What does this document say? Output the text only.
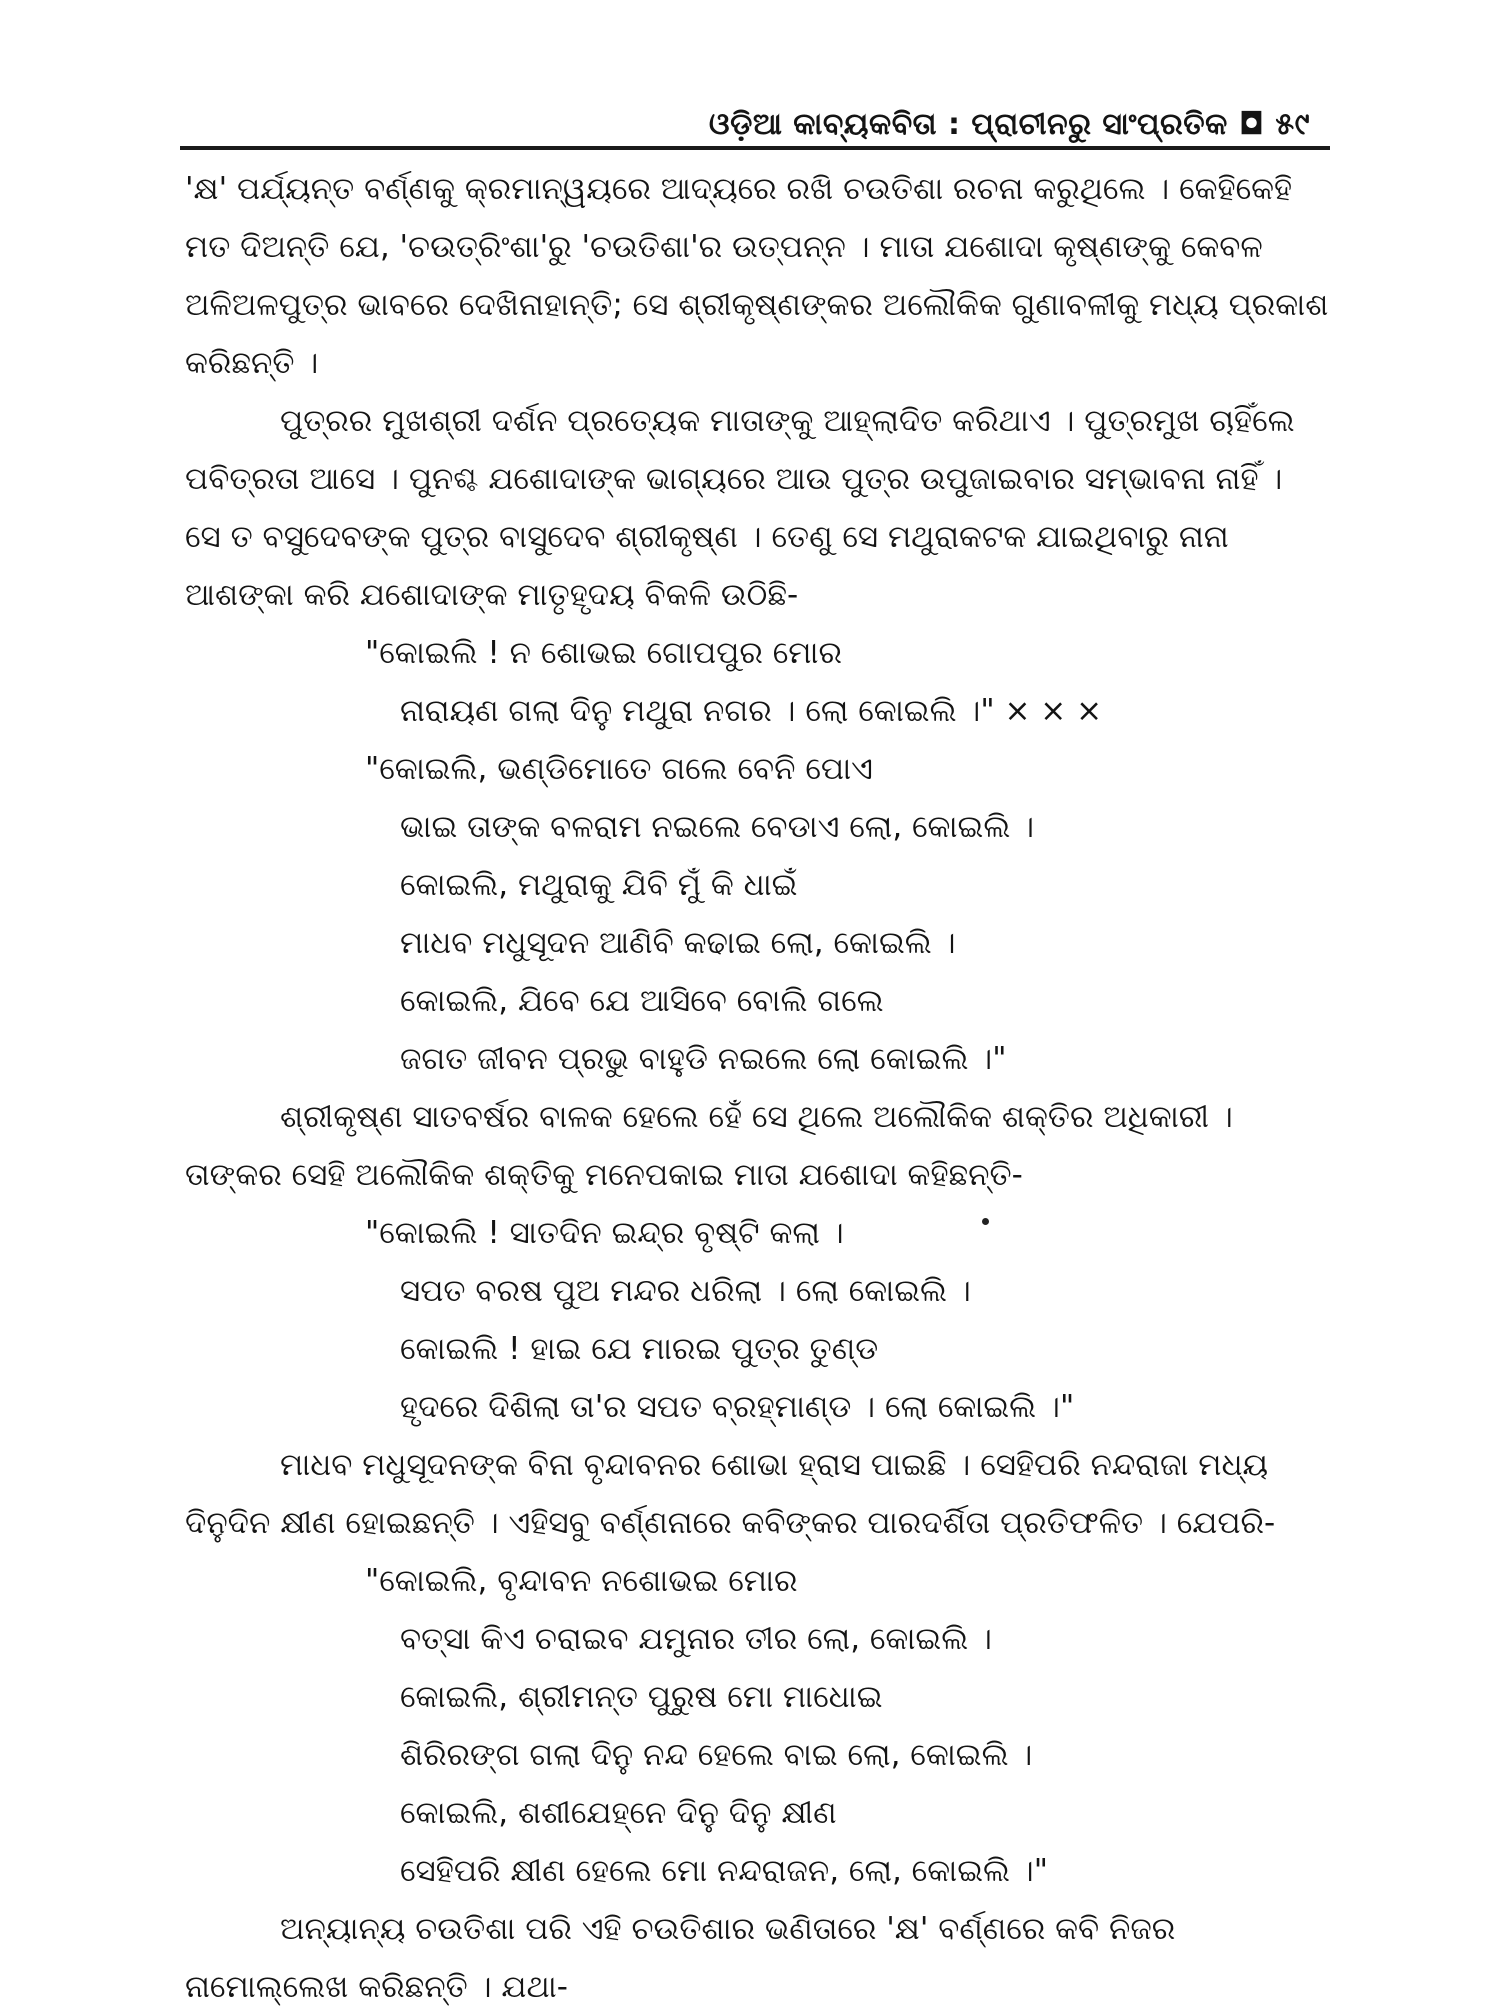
ଓଡ଼ିଆ କାବ୍ୟକବିତା : ପ୍ରାଚୀନରୁ ସାଂପ୍ରତିକ ◘ ୫୯
'କ୍ଷ' ପର୍ଯ୍ୟନ୍ତ ବର୍ଣ୍ଣକୁ କ୍ରମାନ୍ୱୟରେ ଆଦ୍ୟରେ ରଖି ଚଉତିଶା ରଚନା କରୁଥିଲେ । କେହିକେହି
ମତ ଦିଅନ୍ତି ଯେ, 'ଚଉତ୍ରିଂଶା'ରୁ 'ଚଉତିଶା'ର ଉତ୍ପନ୍ନ । ମାତା ଯଶୋଦା କୃଷ୍ଣଙ୍କୁ କେବଳ
ଅଳିଅଳପୁତ୍ର ଭାବରେ ଦେଖିନାହାନ୍ତି; ସେ ଶ୍ରୀକୃଷ୍ଣଙ୍କର ଅଲୌକିକ ଗୁଣାବଳୀକୁ ମଧ୍ୟ ପ୍ରକାଶ
କରିଛନ୍ତି ।
ପୁତ୍ରର ମୁଖଶ୍ରୀ ଦର୍ଶନ ପ୍ରତ୍ୟେକ ମାତାଙ୍କୁ ଆହ୍ଲାଦିତ କରିଥାଏ । ପୁତ୍ରମୁଖ ଚାହିଁଲେ
ପବିତ୍ରତା ଆସେ । ପୁନଶ୍ଚ ଯଶୋଦାଙ୍କ ଭାଗ୍ୟରେ ଆଉ ପୁତ୍ର ଉପୁଜାଇବାର ସମ୍ଭାବନା ନାହିଁ ।
ସେ ତ ବସୁଦେବଙ୍କ ପୁତ୍ର ବାସୁଦେବ ଶ୍ରୀକୃଷ୍ଣ । ତେଣୁ ସେ ମଥୁରାକଟକ ଯାଇଥିବାରୁ ନାନା
ଆଶଙ୍କା କରି ଯଶୋଦାଙ୍କ ମାତୃହୃଦୟ ବିକଳି ଉଠିଛି-
"କୋଇଲି ! ନ ଶୋଭଇ ଗୋପପୁର ମୋର
ନାରାୟଣ ଗଲା ଦିନୁ ମଥୁରା ନଗର । ଲୋ କୋଇଲି ।" × × ×
"କୋଇଲି, ଭଣ୍ଡିମୋତେ ଗଲେ ବେନି ପୋଏ
ଭାଇ ତାଙ୍କ ବଳରାମ ନଇଲେ ବେଡାଏ ଲୋ, କୋଇଲି ।
କୋଇଲି, ମଥୁରାକୁ ଯିବି ମୁଁ କି ଧାଇଁ
ମାଧବ ମଧୁସୂଦନ ଆଣିବି କଢାଇ ଲୋ, କୋଇଲି ।
କୋଇଲି, ଯିବେ ଯେ ଆସିବେ ବୋଲି ଗଲେ
ଜଗତ ଜୀବନ ପ୍ରଭୁ ବାହୁଡି ନଇଲେ ଲୋ କୋଇଲି ।"
ଶ୍ରୀକୃଷ୍ଣ ସାତବର୍ଷର ବାଳକ ହେଲେ ହେଁ ସେ ଥିଲେ ଅଲୌକିକ ଶକ୍ତିର ଅଧିକାରୀ ।
ତାଙ୍କର ସେହି ଅଲୌକିକ ଶକ୍ତିକୁ ମନେପକାଇ ମାତା ଯଶୋଦା କହିଛନ୍ତି-
"କୋଇଲି ! ସାତଦିନ ଇନ୍ଦ୍ର ବୃଷ୍ଟି କଲା ।
ସପତ ବରଷ ପୁଅ ମନ୍ଦର ଧରିଲା । ଲୋ କୋଇଲି ।
କୋଇଲି ! ହାଇ ଯେ ମାରଇ ପୁତ୍ର ତୁଣ୍ଡ
ହୃଦରେ ଦିଶିଲା ତା'ର ସପତ ବ୍ରହ୍ମାଣ୍ଡ । ଲୋ କୋଇଲି ।"
ମାଧବ ମଧୁସୂଦନଙ୍କ ବିନା ବୃନ୍ଦାବନର ଶୋଭା ହ୍ରାସ ପାଇଛି । ସେହିପରି ନନ୍ଦରାଜା ମଧ୍ୟ
ଦିନୁଦିନ କ୍ଷୀଣ ହୋଇଛନ୍ତି । ଏହିସବୁ ବର୍ଣ୍ଣନାରେ କବିଙ୍କର ପାରଦର୍ଶିତା ପ୍ରତିଫଳିତ । ଯେପରି-
"କୋଇଲି, ବୃନ୍ଦାବନ ନଶୋଭଇ ମୋର
ବତ୍ସା କିଏ ଚରାଇବ ଯମୁନାର ତୀର ଲୋ, କୋଇଲି ।
କୋଇଲି, ଶ୍ରୀମନ୍ତ ପୁରୁଷ ମୋ ମାଧୋଇ
ଶିରିରଙ୍ଗ ଗଲା ଦିନୁ ନନ୍ଦ ହେଲେ ବାଇ ଲୋ, କୋଇଲି ।
କୋଇଲି, ଶଶୀଯେହ୍ନେ ଦିନୁ ଦିନୁ କ୍ଷୀଣ
ସେହିପରି କ୍ଷୀଣ ହେଲେ ମୋ ନନ୍ଦରାଜନ, ଲୋ, କୋଇଲି ।"
ଅନ୍ୟାନ୍ୟ ଚଉତିଶା ପରି ଏହି ଚଉତିଶାର ଭଣିତାରେ 'କ୍ଷ' ବର୍ଣ୍ଣରେ କବି ନିଜର
ନାମୋଲ୍ଲେଖ କରିଛନ୍ତି । ଯଥା-
